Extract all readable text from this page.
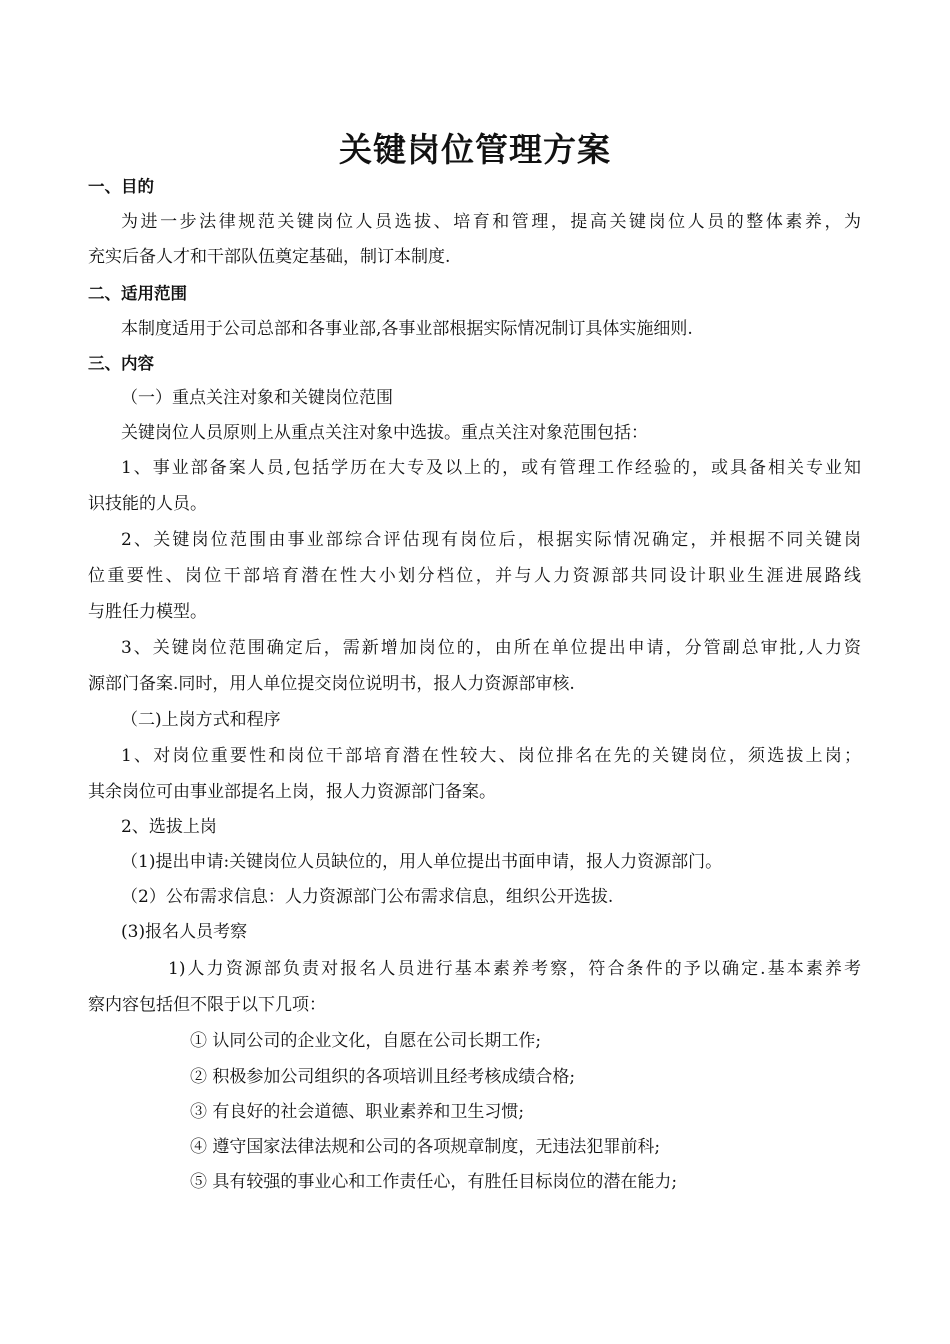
关键岗位管理方案
一、目的
为进一步法律规范关键岗位人员选拔、培育和管理，提高关键岗位人员的整体素养，为
充实后备人才和干部队伍奠定基础，制订本制度.
二、适用范围
本制度适用于公司总部和各事业部,各事业部根据实际情况制订具体实施细则.
三、内容
（一）重点关注对象和关键岗位范围
关键岗位人员原则上从重点关注对象中选拔。重点关注对象范围包括：
1、事业部备案人员,包括学历在大专及以上的，或有管理工作经验的，或具备相关专业知
识技能的人员。
2、关键岗位范围由事业部综合评估现有岗位后，根据实际情况确定，并根据不同关键岗
位重要性、岗位干部培育潜在性大小划分档位，并与人力资源部共同设计职业生涯进展路线
与胜任力模型。
3、关键岗位范围确定后，需新增加岗位的，由所在单位提出申请，分管副总审批,人力资
源部门备案.同时，用人单位提交岗位说明书，报人力资源部审核.
（二)上岗方式和程序
1、对岗位重要性和岗位干部培育潜在性较大、岗位排名在先的关键岗位，须选拔上岗；
其余岗位可由事业部提名上岗，报人力资源部门备案。
2、选拔上岗
（1)提出申请:关键岗位人员缺位的，用人单位提出书面申请，报人力资源部门。
（2）公布需求信息：人力资源部门公布需求信息，组织公开选拔.
(3)报名人员考察
1)人力资源部负责对报名人员进行基本素养考察，符合条件的予以确定.基本素养考
察内容包括但不限于以下几项：
① 认同公司的企业文化，自愿在公司长期工作;
② 积极参加公司组织的各项培训且经考核成绩合格;
③ 有良好的社会道德、职业素养和卫生习惯;
④ 遵守国家法律法规和公司的各项规章制度，无违法犯罪前科;
⑤ 具有较强的事业心和工作责任心，有胜任目标岗位的潜在能力;
